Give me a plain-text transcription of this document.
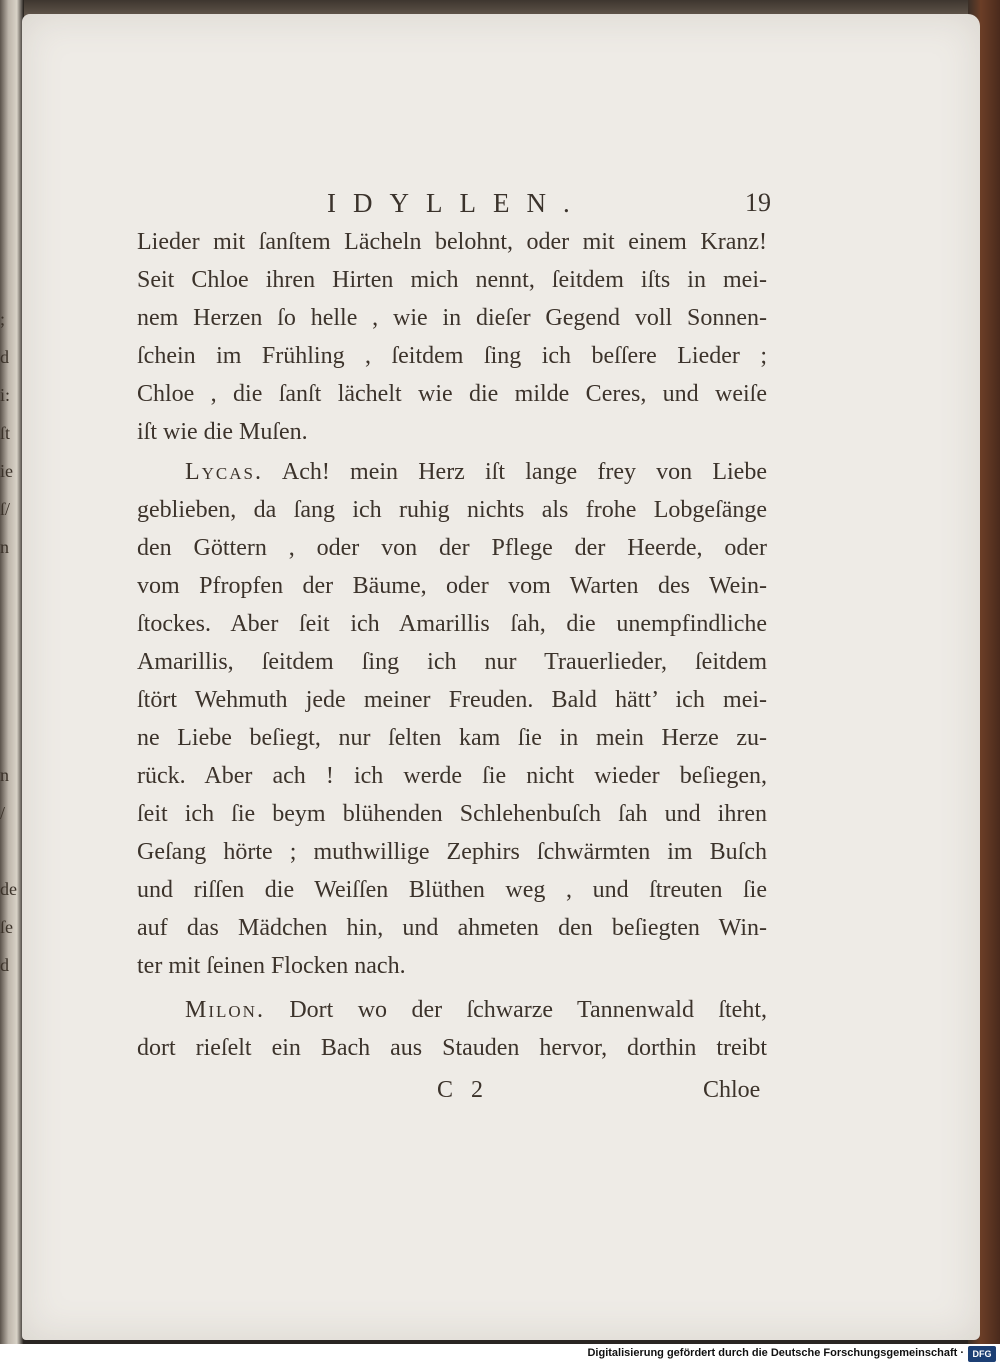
;
d
i:
ſt
ie
ſ/
n

n
/

de
ſe
d
IDYLLEN.	19
Lieder mit ſanſtem Lächeln belohnt, oder mit einem Kranz!
Seit Chloe ihren Hirten mich nennt, ſeitdem iſts in mei-
nem Herzen ſo helle , wie in dieſer Gegend voll Sonnen-
ſchein im Frühling , ſeitdem ſing ich beſſere Lieder ;
Chloe , die ſanſt lächelt wie die milde Ceres, und weiſe
iſt wie die Muſen.
Lycas. Ach! mein Herz iſt lange frey von Liebe
geblieben, da ſang ich ruhig nichts als frohe Lobgeſänge
den Göttern , oder von der Pflege der Heerde, oder
vom Pfropfen der Bäume, oder vom Warten des Wein-
ſtockes. Aber ſeit ich Amarillis ſah, die unempfindliche
Amarillis, ſeitdem ſing ich nur Trauerlieder, ſeitdem
ſtört Wehmuth jede meiner Freuden. Bald hätt’ ich mei-
ne Liebe beſiegt, nur ſelten kam ſie in mein Herze zu-
rück. Aber ach ! ich werde ſie nicht wieder beſiegen,
ſeit ich ſie beym blühenden Schlehenbuſch ſah und ihren
Geſang hörte ; muthwillige Zephirs ſchwärmten im Buſch
und riſſen die Weiſſen Blüthen weg , und ſtreuten ſie
auf das Mädchen hin, und ahmeten den beſiegten Win-
ter mit ſeinen Flocken nach.
Milon. Dort wo der ſchwarze Tannenwald ſteht,
dort rieſelt ein Bach aus Stauden hervor, dorthin treibt
C 2	Chloe
Digitalisierung gefördert durch die Deutsche Forschungsgemeinschaft · DFG
